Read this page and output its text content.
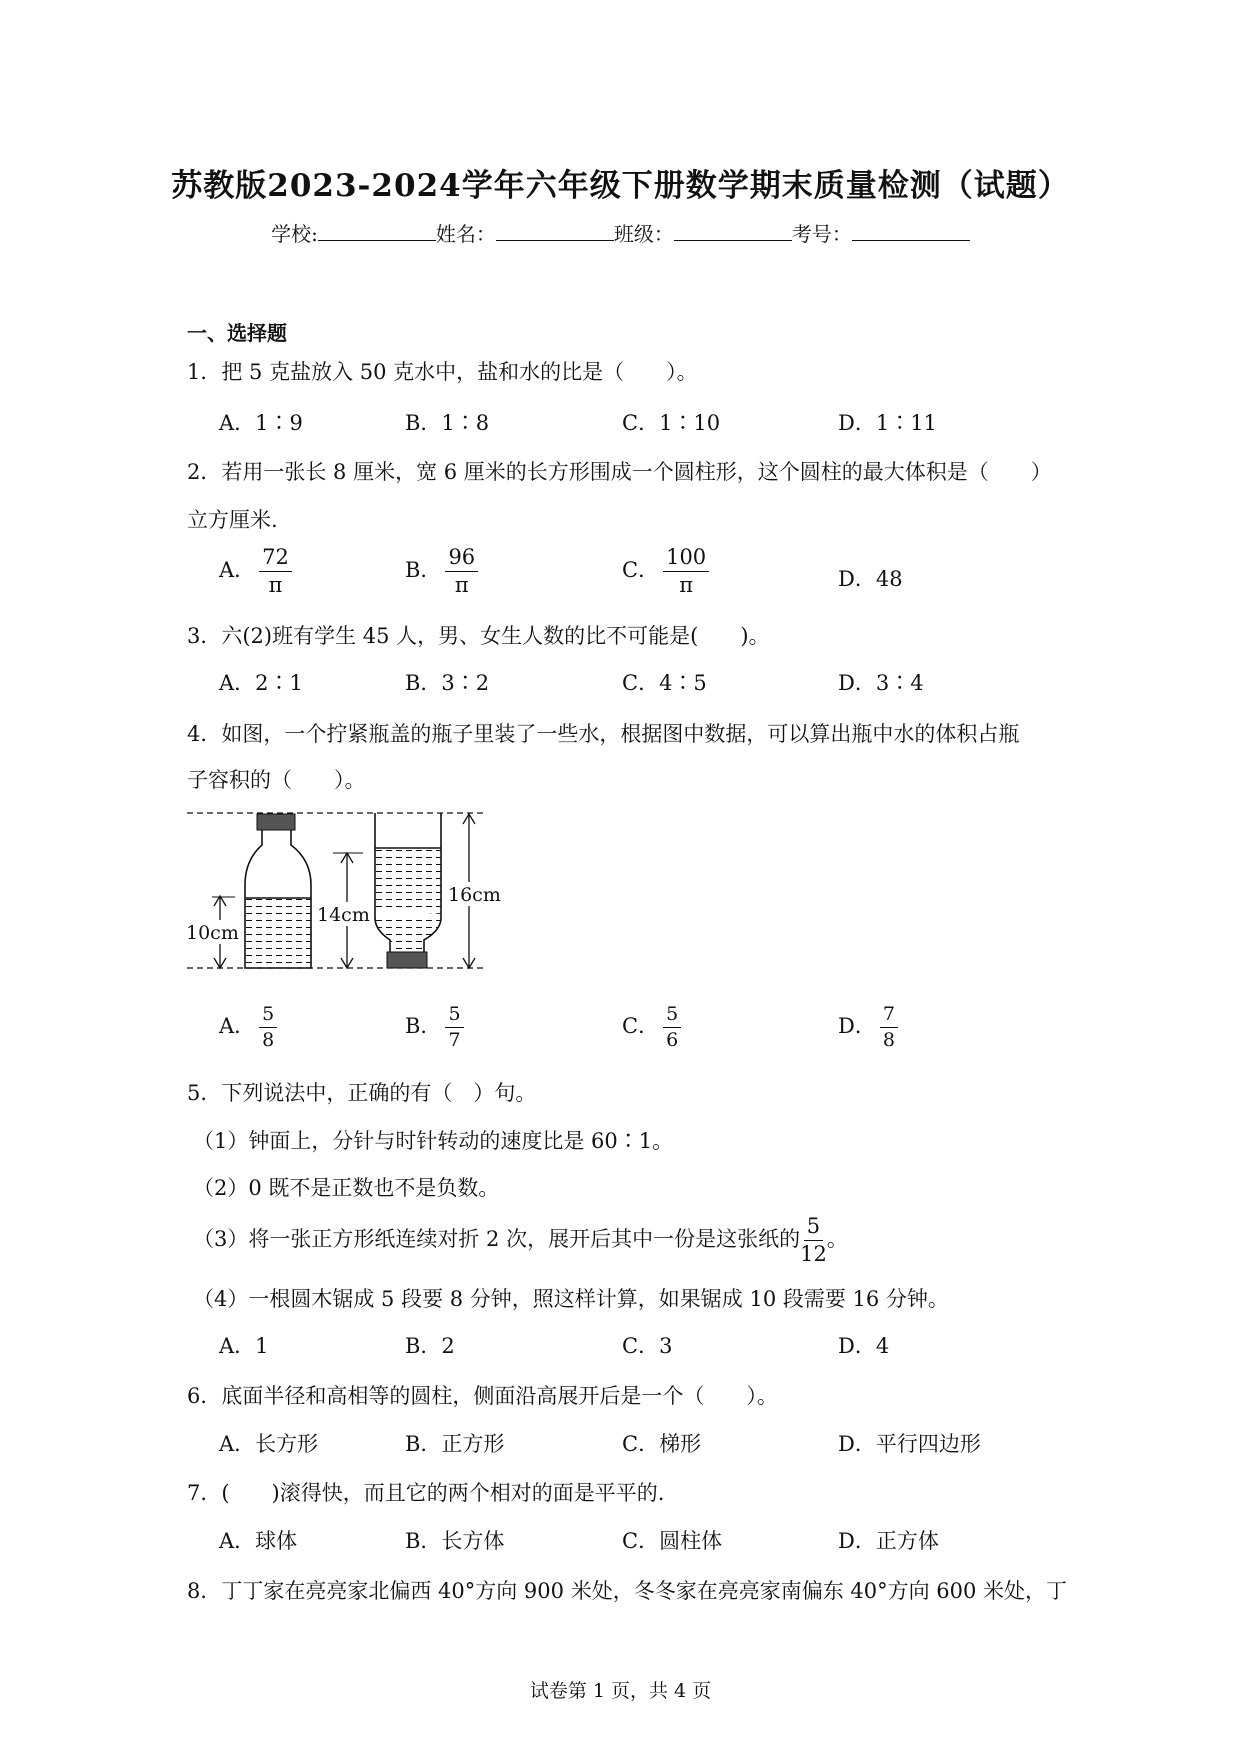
苏教版2023-2024学年六年级下册数学期末质量检测（试题）
学校:	姓名：	班级：	考号：
一、选择题
1．把 5 克盐放入 50 克水中，盐和水的比是（　　）。
A．1∶9	B．1∶8	C．1∶10	D．1∶11
2．若用一张长 8 厘米，宽 6 厘米的长方形围成一个圆柱形，这个圆柱的最大体积是（　　）
立方厘米.
A． $\frac{72}{\pi}$	B． $\frac{96}{\pi}$	C． $\frac{100}{\pi}$	D．48
3．六(2)班有学生 45 人，男、女生人数的比不可能是(　　)。
A．2∶1	B．3∶2	C．4∶5	D．3∶4
4．如图，一个拧紧瓶盖的瓶子里装了一些水，根据图中数据，可以算出瓶中水的体积占瓶
子容积的（　　）。
10cm
14cm
16cm
A． $\frac{5}{8}$	B． $\frac{5}{7}$	C． $\frac{5}{6}$	D． $\frac{7}{8}$
5．下列说法中，正确的有（　）句。
（1）钟面上，分针与时针转动的速度比是 60∶1。
（2）0 既不是正数也不是负数。
（3）将一张正方形纸连续对折 2 次，展开后其中一份是这张纸的 $\frac{5}{12}$ 。
（4）一根圆木锯成 5 段要 8 分钟，照这样计算，如果锯成 10 段需要 16 分钟。
A．1	B．2	C．3	D．4
6．底面半径和高相等的圆柱，侧面沿高展开后是一个（　　）。
A．长方形	B．正方形	C．梯形	D．平行四边形
7．(　　)滚得快，而且它的两个相对的面是平平的.
A．球体	B．长方体	C．圆柱体	D．正方体
8．丁丁家在亮亮家北偏西 40°方向 900 米处，冬冬家在亮亮家南偏东 40°方向 600 米处，丁
试卷第 1 页，共 4 页
